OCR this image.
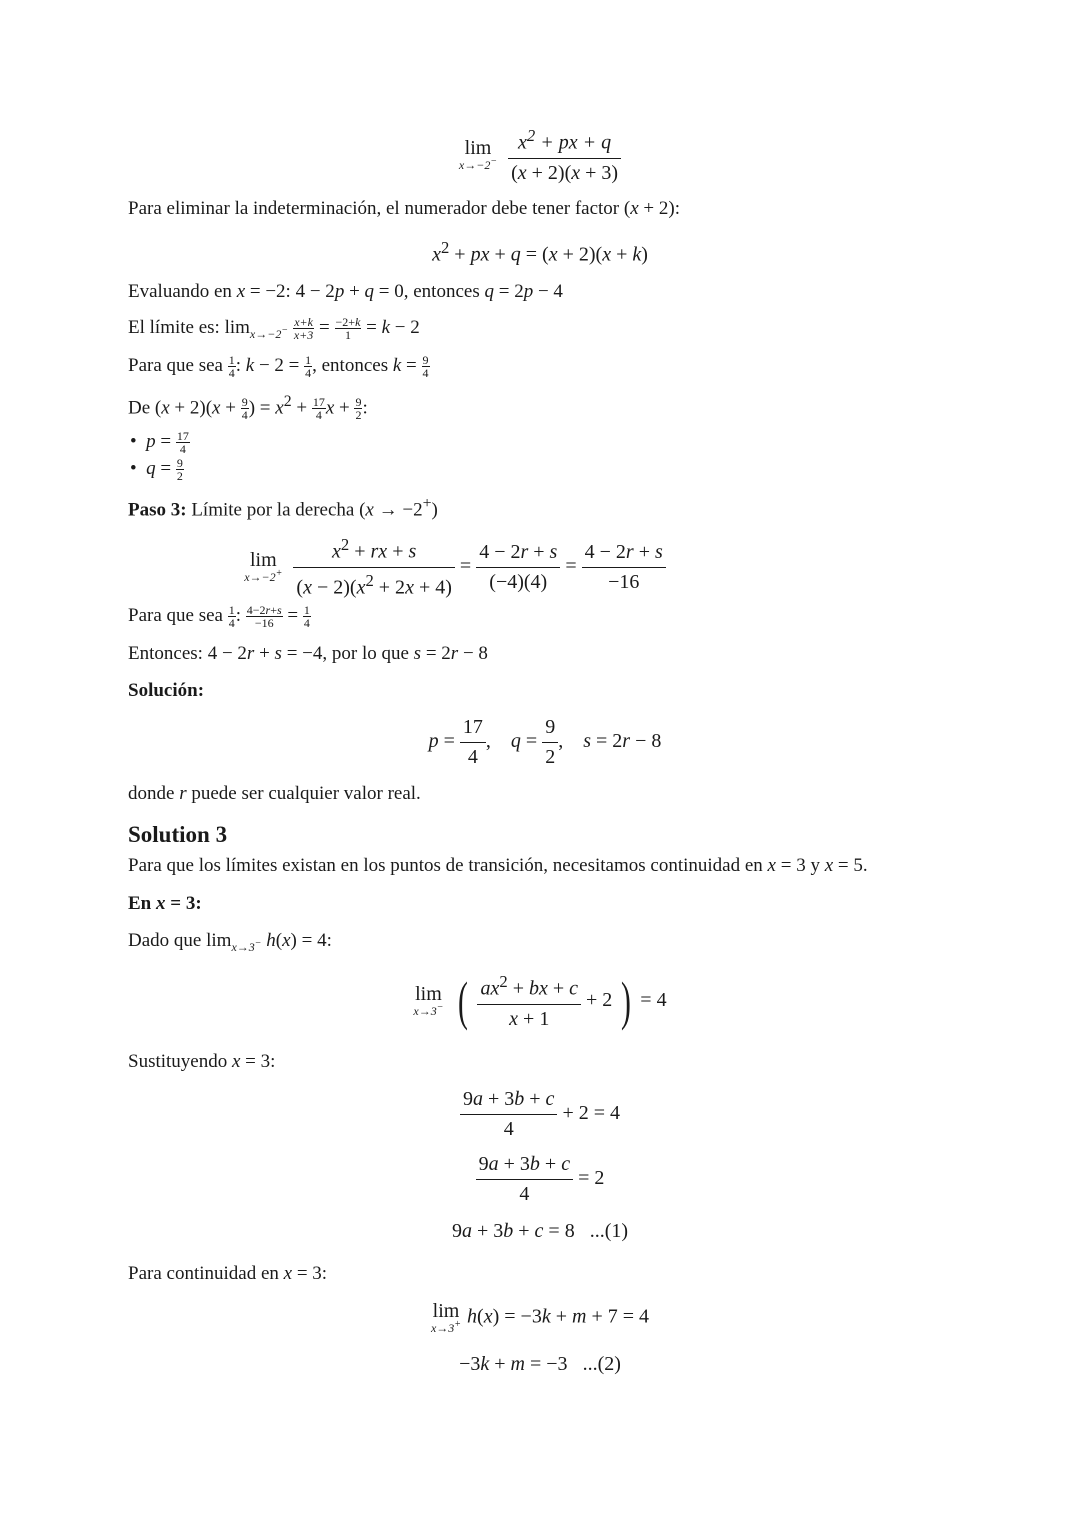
lim
x→−2−
$\frac{x^2 + px + q}{(x + 2)(x + 3)}$
Para eliminar la indeterminación, el numerador debe tener factor (x + 2):
$x^2$ + px + q = (x + 2)(x + k)
Evaluando en x = −2: 4 − 2p + q = 0, entonces q = 2p − 4
El límite es: $\lim_{x\to-2^-} \frac{x+k}{x+3} = \frac{-2+k}{1} = k - 2$
Para que sea $\frac{1}{4}$ : $k - 2 = \frac{1}{4}$ , entonces $k = \frac{9}{4}$
De $(x + 2)(x + \frac{9}{4}$ ) = $x^2 + \frac{17}{4}$ $x + \frac{9}{2}$ :
•  $p = \frac{17}{4}$
•  $q = \frac{9}{2}$
Paso 3: Límite por la derecha (x → −2+)
lim
x→−2+
$\frac{x^2 + rx + s}{(x - 2)(x^2 + 2x + 4)} = \frac{4 - 2r + s}{(-4)(4)} = \frac{4 - 2r + s}{-16}$
Para que sea $\frac{1}{4}$ : $\frac{4-2r+s}{-16} = \frac{1}{4}$
Entonces: 4 − 2r + s = −4, por lo que s = 2r − 8
Solución:
$p = \frac{17}{4}$ ,    $q = \frac{9}{2}$ ,    s = 2r − 8
donde r puede ser cualquier valor real.
Solution 3
Para que los límites existan en los puntos de transición, necesitamos continuidad en x = 3 y x = 5.
En x = 3:
Dado que $\lim_{x\to 3^-} h(x) = 4$:
lim
x→3− ( $\frac{ax^2 + bx + c}{x + 1} + 2$ ) = 4
Sustituyendo x = 3:
$\frac{9a + 3b + c}{4} + 2 = 4$
$\frac{9a + 3b + c}{4} = 2$
9a + 3b + c = 8   ...(1)
Para continuidad en x = 3:
lim
x→3+ h(x) = −3k + m + 7 = 4
−3k + m = −3   ...(2)
